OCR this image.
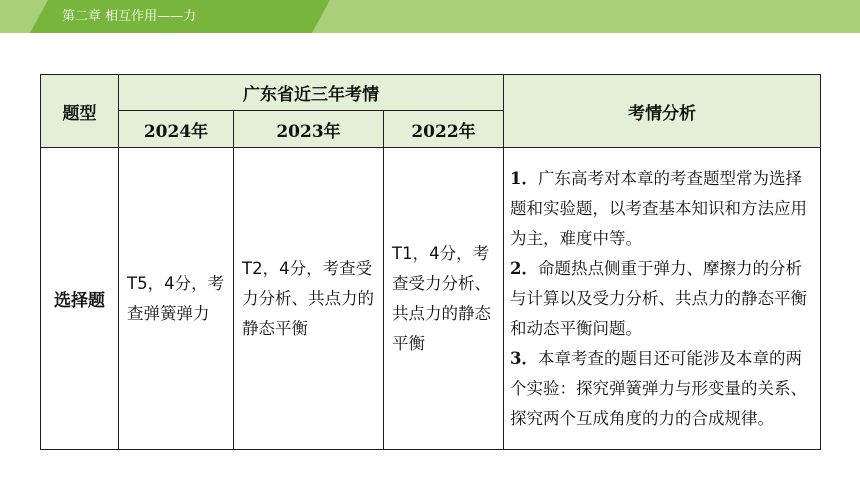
第二章 相互作用——力
题型	广东省近三年考情			考情分析
	2024年	2023年	2022年	
选择题	T5，4分，考查弹簧弹力	T2，4分，考查受力分析、共点力的静态平衡	T1，4分，考查受力分析、共点力的静态平衡	1．广东高考对本章的考查题型常为选择题和实验题，以考查基本知识和方法应用为主，难度中等。
2．命题热点侧重于弹力、摩擦力的分析与计算以及受力分析、共点力的静态平衡和动态平衡问题。
3．本章考查的题目还可能涉及本章的两个实验：探究弹簧弹力与形变量的关系、探究两个互成角度的力的合成规律。
